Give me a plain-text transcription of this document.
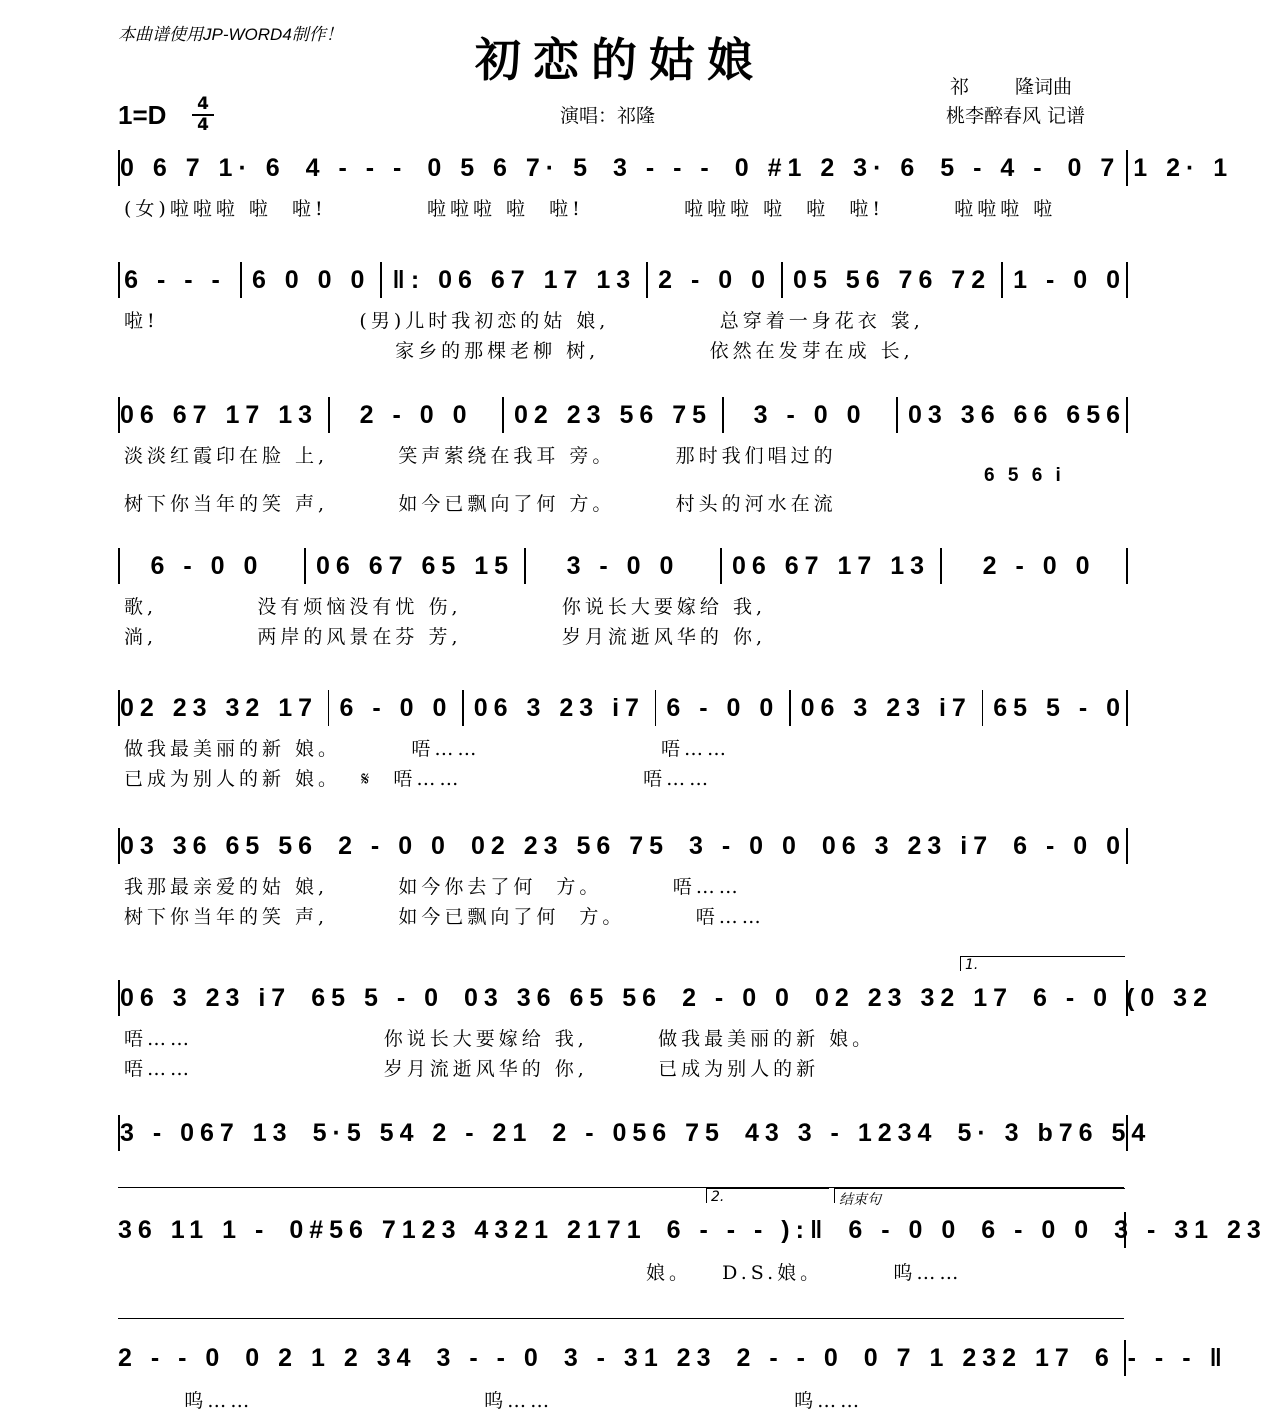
本曲谱使用JP-WORD4制作！	初恋的姑娘	祁 隆词曲
桃李醉春风 记谱
演唱：祁隆
1=D 4
4
0 6 7 1· 6 4 - - - 0 5 6 7· 5 3 - - - 0 #1 2 3· 6 5 - 4 - 0 7 1 2· 1
(女)啦啦啦 啦  啦!          啦啦啦 啦  啦!          啦啦啦 啦  啦  啦!       啦啦啦 啦
6 - - - 6 0 0 0 ‖: 06 67 17 13 2 - 0 0 05 56 76 72 1 - 0 0
啦!                    (男)儿时我初恋的姑 娘,           总穿着一身花衣 裳,
家乡的那棵老柳 树,           依然在发芽在成 长,
06 67 17 13	2 - 0 0	02 23 56 75	3 - 0 0	03 36 66 656
淡淡红霞印在脸 上,       笑声萦绕在我耳 旁。      那时我们唱过的
树下你当年的笑 声,       如今已飘向了何 方。      村头的河水在流
6 5 6 i
6 - 0 0	06 67 65 15	3 - 0 0	06 67 17 13	2 - 0 0
歌,          没有烦恼没有忧 伤,          你说长大要嫁给 我,
淌,          两岸的风景在芬 芳,          岁月流逝风华的 你,
02 23 32 17 6 - 0 0 06 3 23 i7 6 - 0 0 06 3 23 i7 65 5 - 0
做我最美丽的新 娘。       唔……                  唔……
已成为别人的新 娘。  𝄋  唔……                  唔……
03 36 65 56 2 - 0 0 02 23 56 75 3 - 0 0 06 3 23 i7 6 - 0 0
我那最亲爱的姑 娘,       如今你去了何  方。       唔……
树下你当年的笑 声,       如今已飘向了何  方。       唔……
06 3 23 i7 65 5 - 0 03 36 65 56 2 - 0 0 02 23 32 17 6 - 0 (0 32
唔……                   你说长大要嫁给 我,       做我最美丽的新 娘。
唔……                   岁月流逝风华的 你,       已成为别人的新
1.
3 - 067 13 5·5 54 2 - 21 2 - 056 75 43 3 - 1234 5· 3 b76 54
36 11 1 - 0#56 7123 4321 2171 6 - - - ):‖ 6 - 0 0 6 - 0 0 3 - 31 23
娘。   D.S.娘。       呜……
2.	结束句
2 - - 0 0 2 1 2 34 3 - - 0 3 - 31 23 2 - - 0 0 7 1 232 17 6 - - - ‖
呜……                       呜……                        呜……
